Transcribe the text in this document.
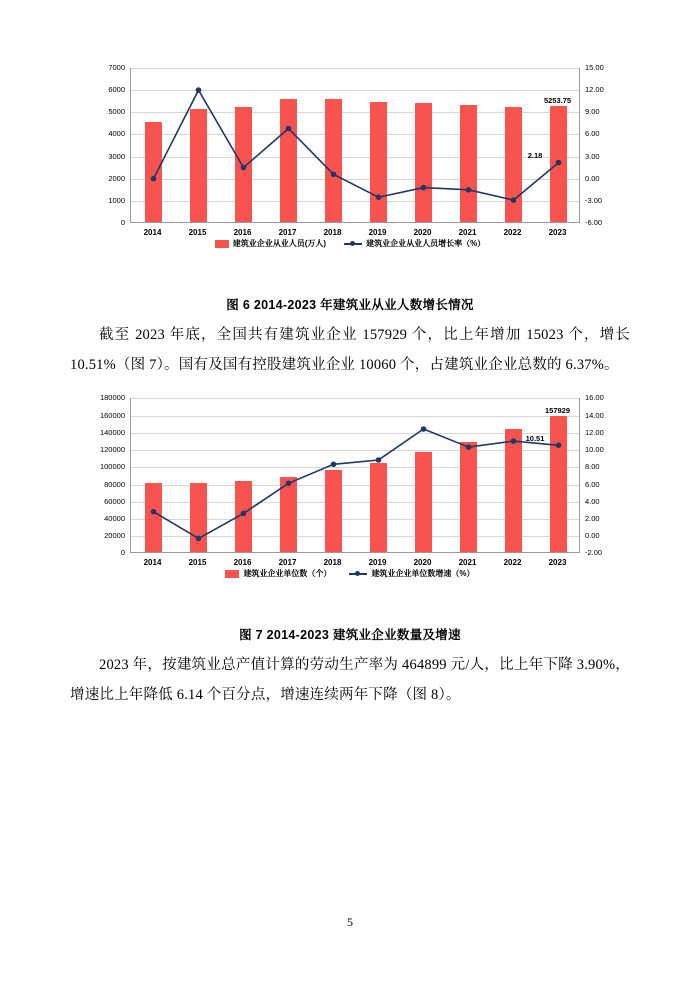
0	-6.00
1000	-3.00
2000	0.00
3000	3.00
4000	6.00
5000	9.00
6000	12.00
7000	15.00
2014	2015	2016	2017	2018	2019	2020	2021	2022	2023
5253.75
2.18
建筑业企业从业人员(万人)	建筑业企业从业人员增长率（%）
图 6 2014-2023 年建筑业从业人数增长情况

截至 2023 年底，全国共有建筑业企业 157929 个，比上年增加 15023 个，增长 10.51%（图 7）。国有及国有控股建筑业企业 10060 个，占建筑业企业总数的 6.37%。

0	-2.00
20000	0.00
40000	2.00
60000	4.00
80000	6.00
100000	8.00
120000	10.00
140000	12.00
160000	14.00
180000	16.00
2014	2015	2016	2017	2018	2019	2020	2021	2022	2023
157929
10.51
建筑业企业单位数（个）	建筑业企业单位数增速（%）
图 7 2014-2023 建筑业企业数量及增速

2023 年，按建筑业总产值计算的劳动生产率为 464899 元/人，比上年下降 3.90%，增速比上年降低 6.14 个百分点，增速连续两年下降（图 8）。

5
